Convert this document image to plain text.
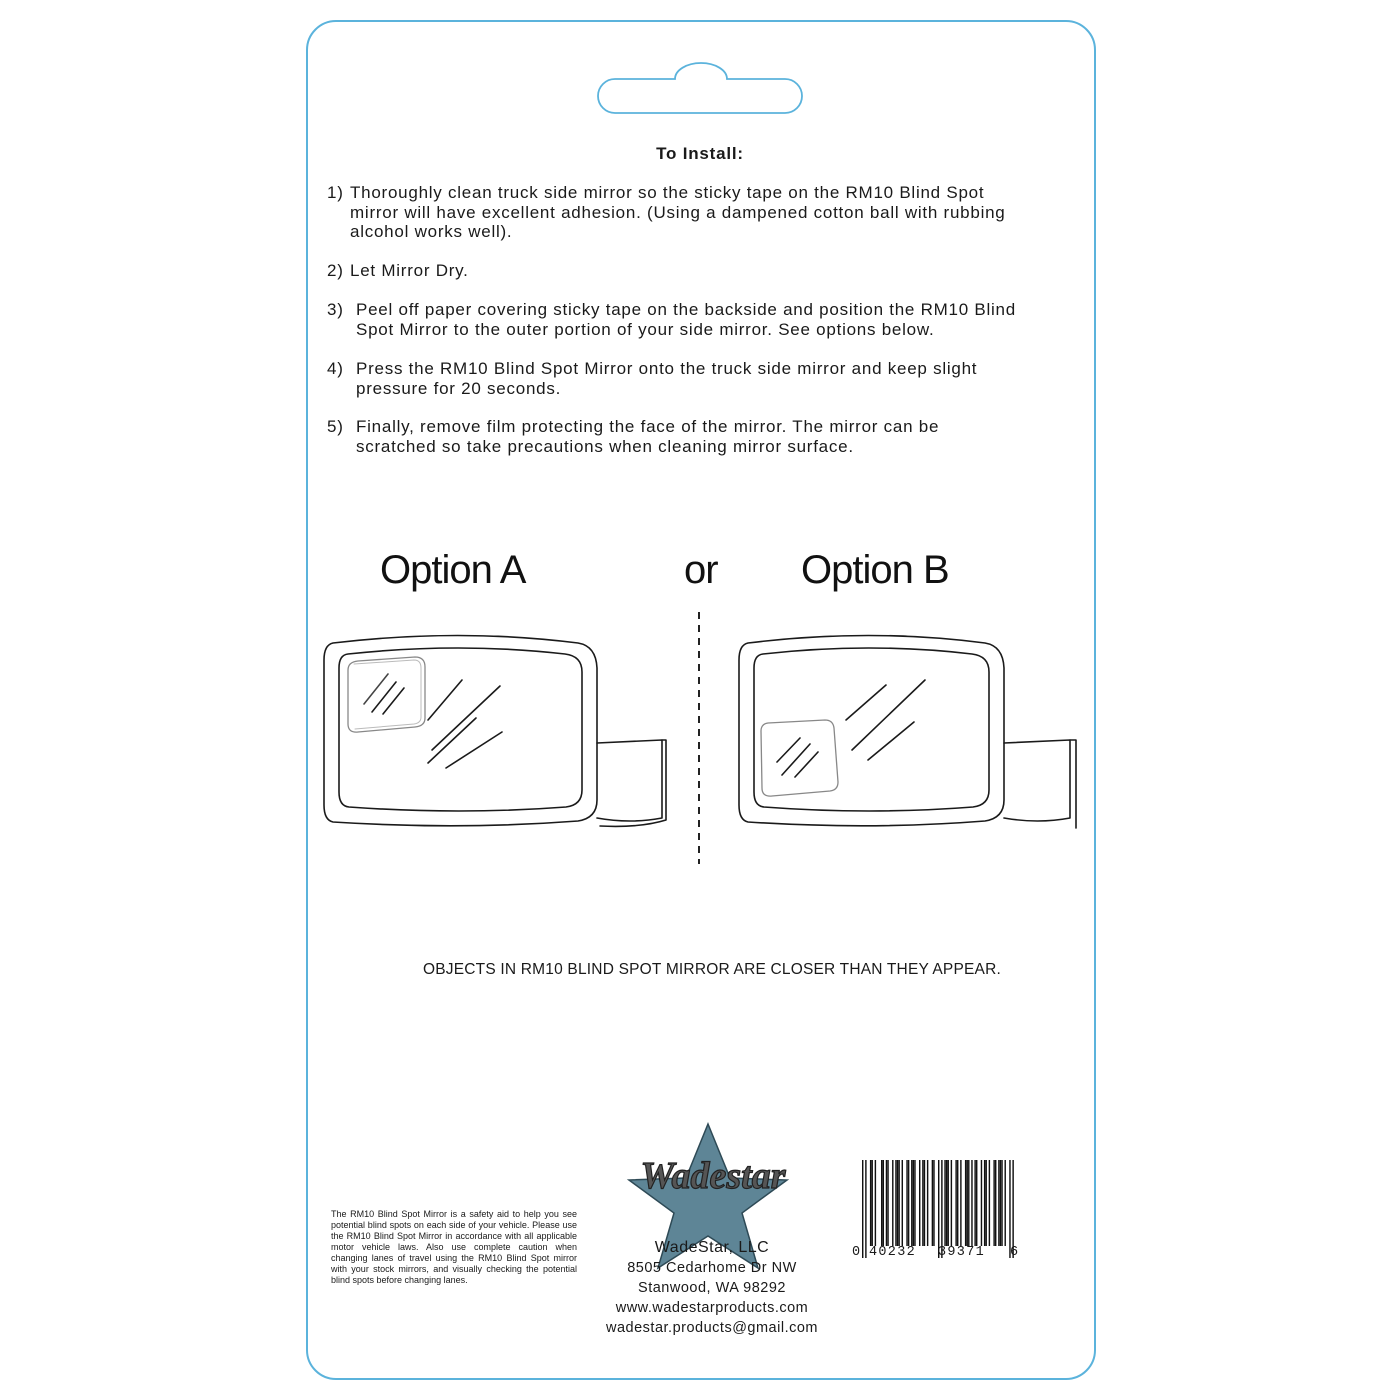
To Install:
1) Thoroughly clean truck side mirror so the sticky tape on the RM10 Blind Spot
mirror will have excellent adhesion. (Using a dampened cotton ball with rubbing
alcohol works well).
2) Let Mirror Dry.
3) Peel off paper covering sticky tape on the backside and position the RM10 Blind
Spot Mirror to the outer portion of your side mirror. See options below.
4) Press the RM10 Blind Spot Mirror onto the truck side mirror and keep slight
pressure for 20 seconds.
5) Finally, remove film protecting the face of the mirror. The mirror can be
scratched so take precautions when cleaning mirror surface.
Option A	or Option B
OBJECTS IN RM10 BLIND SPOT MIRROR ARE CLOSER THAN THEY APPEAR.
The RM10 Blind Spot Mirror is a safety aid to help you see potential blind spots on each side of your vehicle. Please use the RM10 Blind Spot Mirror in accordance with all applicable motor vehicle laws. Also use complete caution when changing lanes of travel using the RM10 Blind Spot mirror with your stock mirrors, and visually checking the potential blind spots before changing lanes.
Wadestar
WadeStar, LLC
8505 Cedarhome Dr NW
Stanwood, WA 98292
www.wadestarproducts.com
wadestar.products@gmail.com
0 40232 39371 6
